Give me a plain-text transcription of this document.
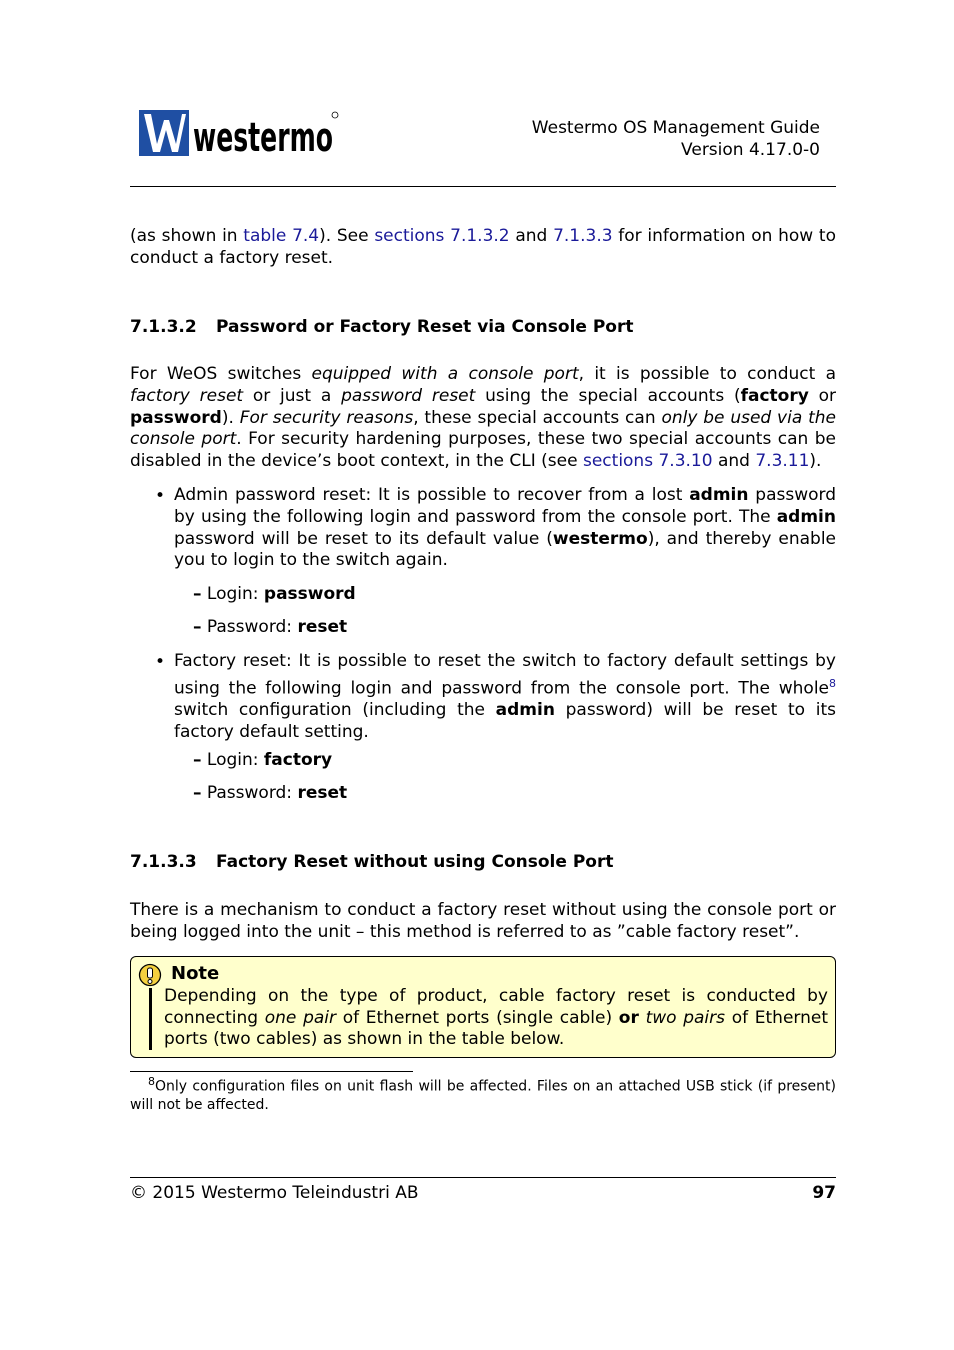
westermo	Westermo OS Management Guide
Version 4.17.0-0
(as shown in table 7.4). See sections 7.1.3.2 and 7.1.3.3 for information on how to conduct a factory reset.
7.1.3.2 Password or Factory Reset via Console Port
For WeOS switches equipped with a console port, it is possible to conduct a factory reset or just a password reset using the special accounts (factory or password). For security reasons, these special accounts can only be used via the console port. For security hardening purposes, these two special accounts can be disabled in the device’s boot context, in the CLI (see sections 7.3.10 and 7.3.11).
• Admin password reset: It is possible to recover from a lost admin password by using the following login and password from the console port. The admin password will be reset to its default value (westermo), and thereby enable you to login to the switch again.
– Login: password
– Password: reset
• Factory reset: It is possible to reset the switch to factory default settings by using the following login and password from the console port. The whole$^8$ switch configuration (including the admin password) will be reset to its factory default setting.
– Login: factory
– Password: reset
7.1.3.3 Factory Reset without using Console Port
There is a mechanism to conduct a factory reset without using the console port or being logged into the unit – this method is referred to as ”cable factory reset”.
Note
Depending on the type of product, cable factory reset is conducted by connecting one pair of Ethernet ports (single cable) or two pairs of Ethernet ports (two cables) as shown in the table below.
$^8$Only configuration files on unit flash will be affected. Files on an attached USB stick (if present) will not be affected.
© 2015 Westermo Teleindustri AB	97
